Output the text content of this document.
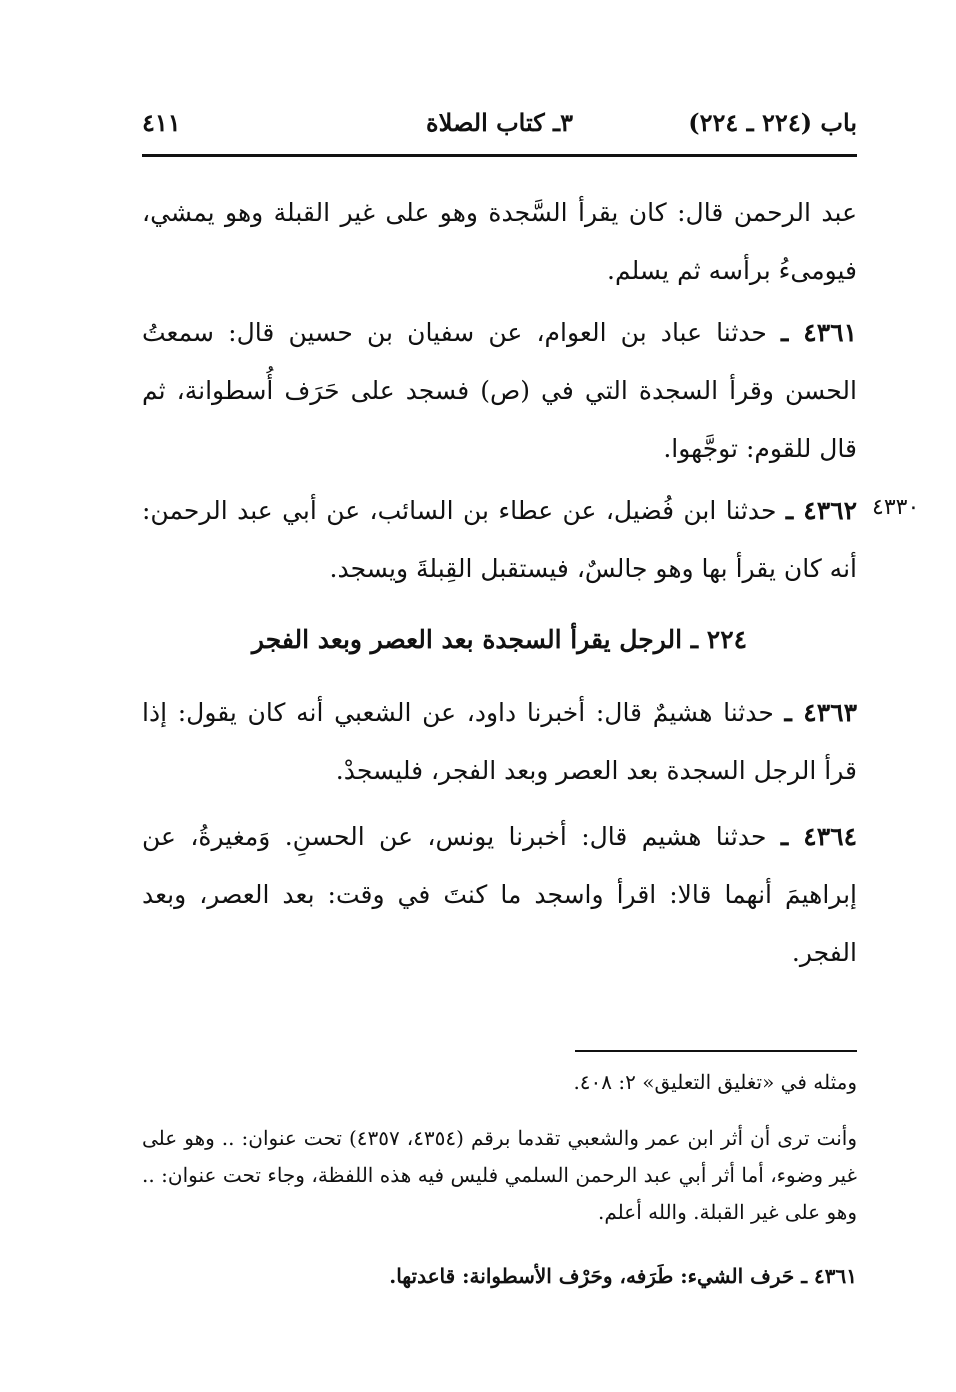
باب (٢٢٤ ـ ٢٢٤)
٣ـ كتاب الصلاة
٤١١
عبد الرحمن قال: كان يقرأ السَّجدة وهو على غير القبلة وهو يمشي، فيومىءُ برأسه ثم يسلم.
٤٣٦١ ـ حدثنا عباد بن العوام، عن سفيان بن حسين قال: سمعتُ الحسن وقرأ السجدة التي في (ص) فسجد على حَرَف أُسطوانة، ثم قال للقوم: توجَّهوا.
٤٣٣٠
٤٣٦٢ ـ حدثنا ابن فُضيل، عن عطاء بن السائب، عن أبي عبد الرحمن: أنه كان يقرأ بها وهو جالسٌ، فيستقبل القِبلةَ ويسجد.
٢٢٤ ـ الرجل يقرأ السجدة بعد العصر وبعد الفجر
٤٣٦٣ ـ حدثنا هشيمٌ قال: أخبرنا داود، عن الشعبي أنه كان يقول: إذا قرأ الرجل السجدة بعد العصر وبعد الفجر، فليسجدْ.
٤٣٦٤ ـ حدثنا هشيم قال: أخبرنا يونس، عن الحسنِ. وَمغيرةُ، عن إبراهيمَ أنهما قالا: اقرأ واسجد ما كنتَ في وقت: بعد العصر، وبعد الفجر.
ومثله في «تغليق التعليق» ٢: ٤٠٨.
وأنت ترى أن أثر ابن عمر والشعبي تقدما برقم (٤٣٥٤، ٤٣٥٧) تحت عنوان: .. وهو على غير وضوء، أما أثر أبي عبد الرحمن السلمي فليس فيه هذه اللفظة، وجاء تحت عنوان: .. وهو على غير القبلة. والله أعلم.
٤٣٦١ ـ حَرف الشيء: طَرَفه، وحَرْف الأسطوانة: قاعدتها.
